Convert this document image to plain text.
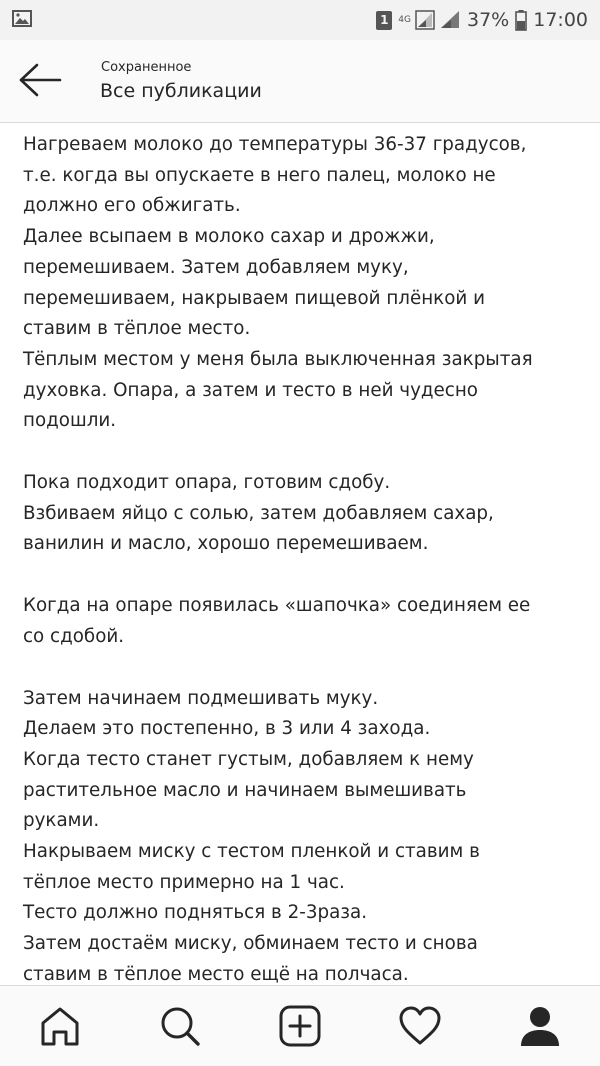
1	4G	37% 17:00
Сохраненное
Все публикации

Нагреваем молоко до температуры 36-37 градусов,
т.е. когда вы опускаете в него палец, молоко не
должно его обжигать.
Далее всыпаем в молоко сахар и дрожжи,
перемешиваем. Затем добавляем муку,
перемешиваем, накрываем пищевой плёнкой и
ставим в тёплое место.
Тёплым местом у меня была выключенная закрытая
духовка. Опара, а затем и тесто в ней чудесно
подошли.

Пока подходит опара, готовим сдобу.
Взбиваем яйцо с солью, затем добавляем сахар,
ванилин и масло, хорошо перемешиваем.

Когда на опаре появилась «шапочка» соединяем ее
со сдобой.

Затем начинаем подмешивать муку.
Делаем это постепенно, в 3 или 4 захода.
Когда тесто станет густым, добавляем к нему
растительное масло и начинаем вымешивать
руками.
Накрываем миску с тестом пленкой и ставим в
тёплое место примерно на 1 час.
Тесто должно подняться в 2-3раза.
Затем достаём миску, обминаем тесто и снова
ставим в тёплое место ещё на полчаса.
